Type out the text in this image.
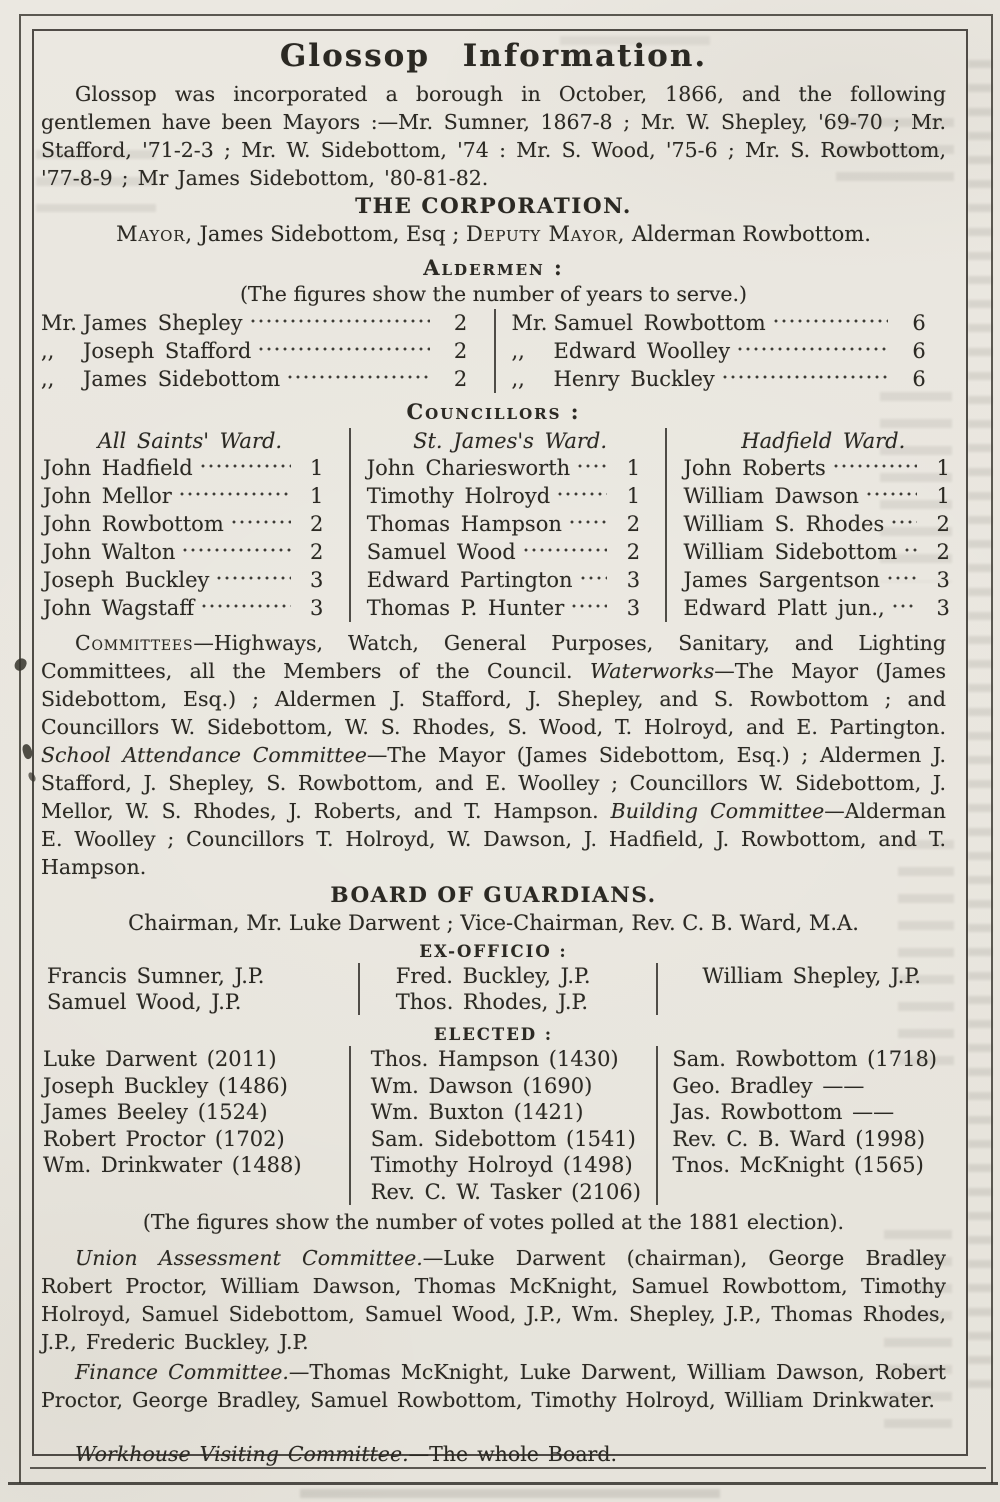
Glossop Information.

Glossop was incorporated a borough in October, 1866, and the following gentlemen have been Mayors :—Mr. Sumner, 1867-8 ; Mr. W. Shepley, '69-70 ; Mr. Stafford, '71-2-3 ; Mr. W. Sidebottom, '74 : Mr. S. Wood, '75-6 ; Mr. S. Rowbottom, '77-8-9 ; Mr James Sidebottom, '80-81-82.

THE CORPORATION.
Mayor, James Sidebottom, Esq ; Deputy Mayor, Alderman Rowbottom.
Aldermen :
(The figures show the number of years to serve.)
Mr. James Shepley	2
,,	Joseph Stafford	2
,,	James Sidebottom	2
Mr. Samuel Rowbottom	6
,,	Edward Woolley	6
,,	Henry Buckley	6
Councillors :
All Saints' Ward.
John Hadfield	1
John Mellor	1
John Rowbottom	2
John Walton	2
Joseph Buckley	3
John Wagstaff	3
St. James's Ward.
John Chariesworth	1
Timothy Holroyd	1
Thomas Hampson	2
Samuel Wood	2
Edward Partington	3
Thomas P. Hunter	3
Hadfield Ward.
John Roberts	1
William Dawson	1
William S. Rhodes	2
William Sidebottom	2
James Sargentson	3
Edward Platt jun.,	3

Committees—Highways, Watch, General Purposes, Sanitary, and Lighting Committees, all the Members of the Council. Waterworks—The Mayor (James Sidebottom, Esq.) ; Aldermen J. Stafford, J. Shepley, and S. Rowbottom ; and Councillors W. Sidebottom, W. S. Rhodes, S. Wood, T. Holroyd, and E. Partington. School Attendance Committee—The Mayor (James Sidebottom, Esq.) ; Aldermen J. Stafford, J. Shepley, S. Rowbottom, and E. Woolley ; Councillors W. Sidebottom, J. Mellor, W. S. Rhodes, J. Roberts, and T. Hampson. Building Committee—Alderman E. Woolley ; Councillors T. Holroyd, W. Dawson, J. Hadfield, J. Rowbottom, and T. Hampson.

BOARD OF GUARDIANS.
Chairman, Mr. Luke Darwent ; Vice-Chairman, Rev. C. B. Ward, M.A.
EX-OFFICIO :
Francis Sumner, J.P.
Samuel Wood, J.P.
Fred. Buckley, J.P.
Thos. Rhodes, J.P.
William Shepley, J.P.
ELECTED :
Luke Darwent (2011)
Joseph Buckley (1486)
James Beeley (1524)
Robert Proctor (1702)
Wm. Drinkwater (1488)
Thos. Hampson (1430)
Wm. Dawson (1690)
Wm. Buxton (1421)
Sam. Sidebottom (1541)
Timothy Holroyd (1498)
Rev. C. W. Tasker (2106)
Sam. Rowbottom (1718)
Geo. Bradley ——
Jas. Rowbottom ——
Rev. C. B. Ward (1998)
Tnos. McKnight (1565)
(The figures show the number of votes polled at the 1881 election).

Union Assessment Committee.—Luke Darwent (chairman), George Bradley Robert Proctor, William Dawson, Thomas McKnight, Samuel Rowbottom, Timothy Holroyd, Samuel Sidebottom, Samuel Wood, J.P., Wm. Shepley, J.P., Thomas Rhodes, J.P., Frederic Buckley, J.P.

Finance Committee.—Thomas McKnight, Luke Darwent, William Dawson, Robert Proctor, George Bradley, Samuel Rowbottom, Timothy Holroyd, William Drinkwater.

Workhouse Visiting Committee.—The whole Board.
